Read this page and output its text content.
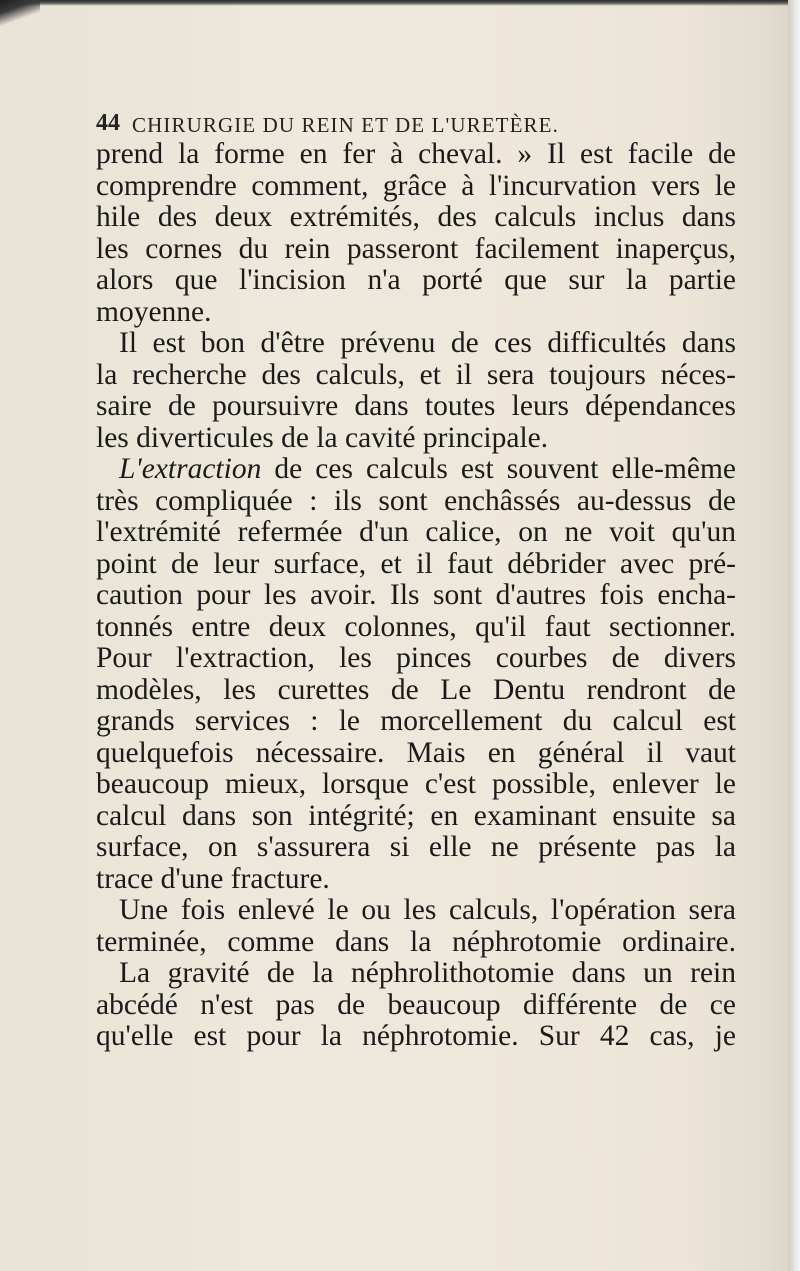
44 CHIRURGIE DU REIN ET DE L'URETÈRE.
prend la forme en fer à cheval. » Il est facile de
comprendre comment, grâce à l'incurvation vers le
hile des deux extrémités, des calculs inclus dans
les cornes du rein passeront facilement inaperçus,
alors que l'incision n'a porté que sur la partie
moyenne.
Il est bon d'être prévenu de ces difficultés dans
la recherche des calculs, et il sera toujours néces-
saire de poursuivre dans toutes leurs dépendances
les diverticules de la cavité principale.
L'extraction de ces calculs est souvent elle-même
très compliquée : ils sont enchâssés au-dessus de
l'extrémité refermée d'un calice, on ne voit qu'un
point de leur surface, et il faut débrider avec pré-
caution pour les avoir. Ils sont d'autres fois encha-
tonnés entre deux colonnes, qu'il faut sectionner.
Pour l'extraction, les pinces courbes de divers
modèles, les curettes de Le Dentu rendront de
grands services : le morcellement du calcul est
quelquefois nécessaire. Mais en général il vaut
beaucoup mieux, lorsque c'est possible, enlever le
calcul dans son intégrité; en examinant ensuite sa
surface, on s'assurera si elle ne présente pas la
trace d'une fracture.
Une fois enlevé le ou les calculs, l'opération sera
terminée, comme dans la néphrotomie ordinaire.
La gravité de la néphrolithotomie dans un rein
abcédé n'est pas de beaucoup différente de ce
qu'elle est pour la néphrotomie. Sur 42 cas, je
